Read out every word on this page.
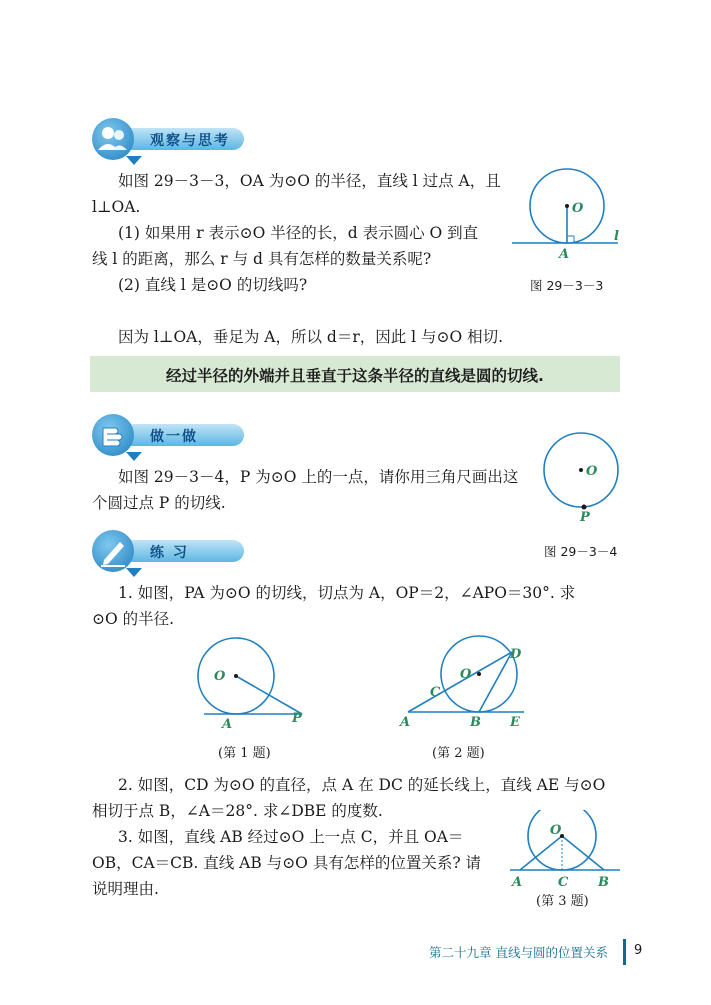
观察与思考
如图 29－3－3，OA 为⊙O 的半径，直线 l 过点 A，且
l⊥OA.
(1) 如果用 r 表示⊙O 半径的长，d 表示圆心 O 到直
线 l 的距离，那么 r 与 d 具有怎样的数量关系呢?
(2) 直线 l 是⊙O 的切线吗?
O
A
l
图 29－3－3
因为 l⊥OA，垂足为 A，所以 d＝r，因此 l 与⊙O 相切.
经过半径的外端并且垂直于这条半径的直线是圆的切线.
做一做
如图 29－3－4，P 为⊙O 上的一点，请你用三角尺画出这
个圆过点 P 的切线.
O
P
图 29－3－4
练 习
1. 如图，PA 为⊙O 的切线，切点为 A，OP＝2，∠APO＝30°. 求
⊙O 的半径.
O
A	P
(第 1 题)
O
A	B
C
D
E
(第 2 题)
2. 如图，CD 为⊙O 的直径，点 A 在 DC 的延长线上，直线 AE 与⊙O
相切于点 B，∠A＝28°. 求∠DBE 的度数.
3. 如图，直线 AB 经过⊙O 上一点 C，并且 OA＝
OB，CA＝CB. 直线 AB 与⊙O 具有怎样的位置关系? 请
说明理由.
O
A	C B
(第 3 题)
第二十九章 直线与圆的位置关系 9
